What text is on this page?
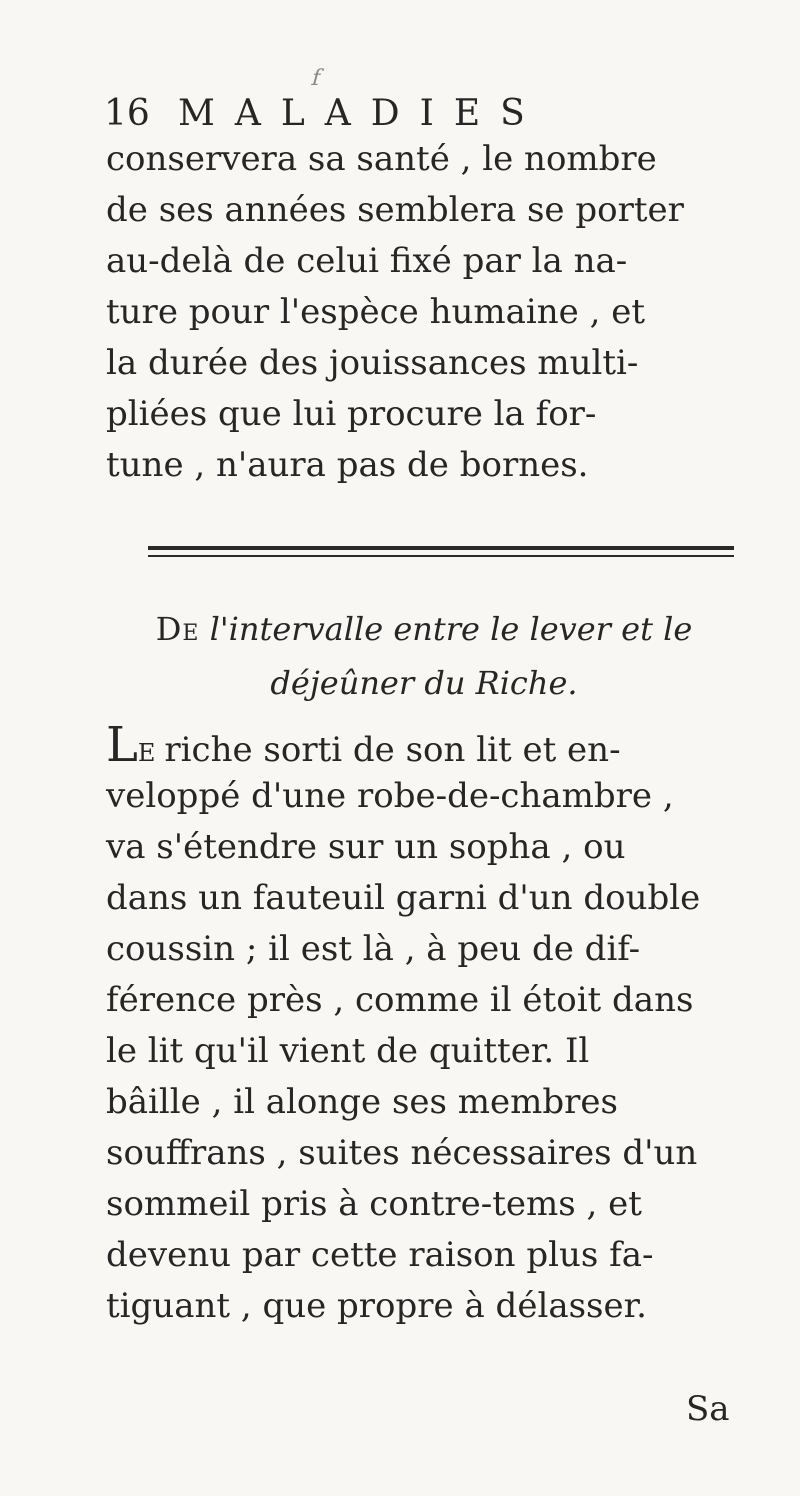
f
16 MALADIES
conservera sa santé , le nombre
de ses années semblera se porter
au-delà de celui fixé par la na-
ture pour l'espèce humaine , et
la durée des jouissances multi-
pliées que lui procure la for-
tune , n'aura pas de bornes.
De l'intervalle entre le lever et le
déjeûner du Riche.
LE riche sorti de son lit et en-
veloppé d'une robe-de-chambre ,
va s'étendre sur un sopha , ou
dans un fauteuil garni d'un double
coussin ; il est là , à peu de dif-
férence près , comme il étoit dans
le lit qu'il vient de quitter. Il
bâille , il alonge ses membres
souffrans , suites nécessaires d'un
sommeil pris à contre-tems , et
devenu par cette raison plus fa-
tiguant , que propre à délasser.
Sa
